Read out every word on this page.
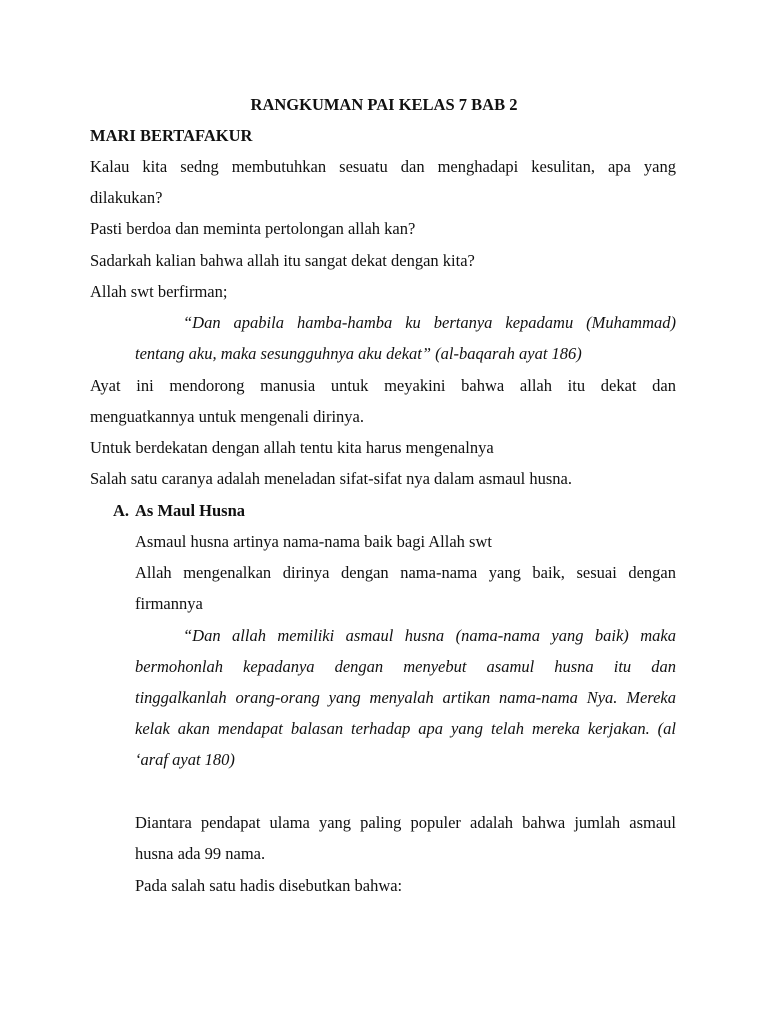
RANGKUMAN PAI KELAS 7 BAB 2
MARI BERTAFAKUR
Kalau kita sedng membutuhkan sesuatu dan menghadapi kesulitan, apa yang
dilakukan?
Pasti berdoa dan meminta pertolongan allah kan?
Sadarkah kalian bahwa allah itu sangat dekat dengan kita?
Allah swt berfirman;
“Dan apabila hamba-hamba ku bertanya kepadamu (Muhammad)
tentang aku, maka sesungguhnya aku dekat” (al-baqarah ayat 186)
Ayat ini mendorong manusia untuk meyakini bahwa allah itu dekat dan
menguatkannya untuk mengenali dirinya.
Untuk berdekatan dengan allah tentu kita harus mengenalnya
Salah satu caranya adalah meneladan sifat-sifat nya dalam asmaul husna.
A. As Maul Husna
Asmaul husna artinya nama-nama baik bagi Allah swt
Allah mengenalkan dirinya dengan nama-nama yang baik, sesuai dengan
firmannya
“Dan allah memiliki asmaul husna (nama-nama yang baik) maka
bermohonlah kepadanya dengan menyebut asamul husna itu dan
tinggalkanlah orang-orang yang menyalah artikan nama-nama Nya. Mereka
kelak akan mendapat balasan terhadap apa yang telah mereka kerjakan. (al
‘araf ayat 180)
Diantara pendapat ulama yang paling populer adalah bahwa jumlah asmaul
husna ada 99 nama.
Pada salah satu hadis disebutkan bahwa:
